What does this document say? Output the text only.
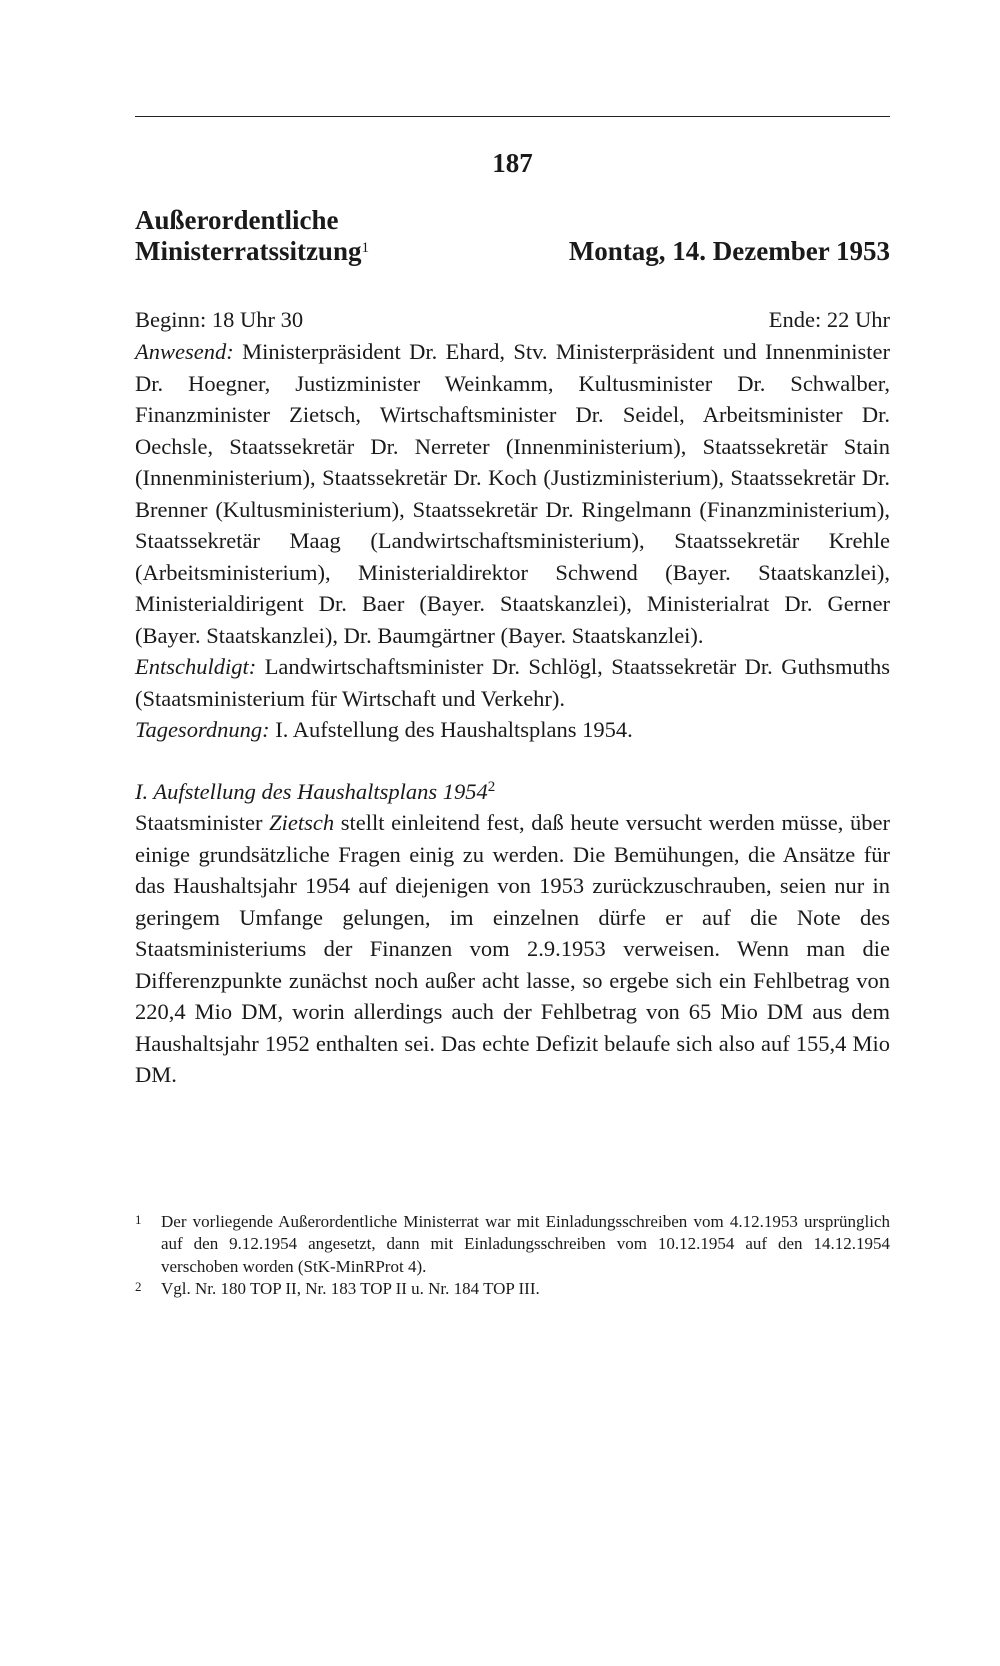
187
Außerordentliche
Ministerratssitzung$^1$	Montag, 14. Dezember 1953
Beginn: 18 Uhr 30	Ende: 22 Uhr

Anwesend: Ministerpräsident Dr. Ehard, Stv. Ministerpräsident und Innenminister Dr. Hoegner, Justizminister Weinkamm, Kultusminister Dr. Schwalber, Finanzminister Zietsch, Wirtschaftsminister Dr. Seidel, Arbeitsminister Dr. Oechsle, Staatssekretär Dr. Nerreter (Innenministerium), Staatssekretär Stain (Innenministerium), Staatssekretär Dr. Koch (Justizministerium), Staatssekretär Dr. Brenner (Kultusministerium), Staatssekretär Dr. Ringelmann (Finanzministerium), Staatssekretär Maag (Landwirtschaftsministerium), Staatssekretär Krehle (Arbeitsministerium), Ministerialdirektor Schwend (Bayer. Staatskanzlei), Ministerialdirigent Dr. Baer (Bayer. Staatskanzlei), Ministerialrat Dr. Gerner (Bayer. Staatskanzlei), Dr. Baumgärtner (Bayer. Staatskanzlei).

Entschuldigt: Landwirtschaftsminister Dr. Schlögl, Staatssekretär Dr. Guthsmuths (Staatsministerium für Wirtschaft und Verkehr).

Tagesordnung: I. Aufstellung des Haushaltsplans 1954.

I. Aufstellung des Haushaltsplans 1954$^2$

Staatsminister Zietsch stellt einleitend fest, daß heute versucht werden müsse, über einige grundsätzliche Fragen einig zu werden. Die Bemühungen, die Ansätze für das Haushaltsjahr 1954 auf diejenigen von 1953 zurückzuschrauben, seien nur in geringem Umfange gelungen, im einzelnen dürfe er auf die Note des Staatsministeriums der Finanzen vom 2.9.1953 verweisen. Wenn man die Differenzpunkte zunächst noch außer acht lasse, so ergebe sich ein Fehlbetrag von 220,4 Mio DM, worin allerdings auch der Fehlbetrag von 65 Mio DM aus dem Haushaltsjahr 1952 enthalten sei. Das echte Defizit belaufe sich also auf 155,4 Mio DM.

1 Der vorliegende Außerordentliche Ministerrat war mit Einladungsschreiben vom 4.12.1953 ursprünglich auf den 9.12.1954 angesetzt, dann mit Einladungsschreiben vom 10.12.1954 auf den 14.12.1954 verschoben worden (StK-MinRProt 4).
2 Vgl. Nr. 180 TOP II, Nr. 183 TOP II u. Nr. 184 TOP III.
